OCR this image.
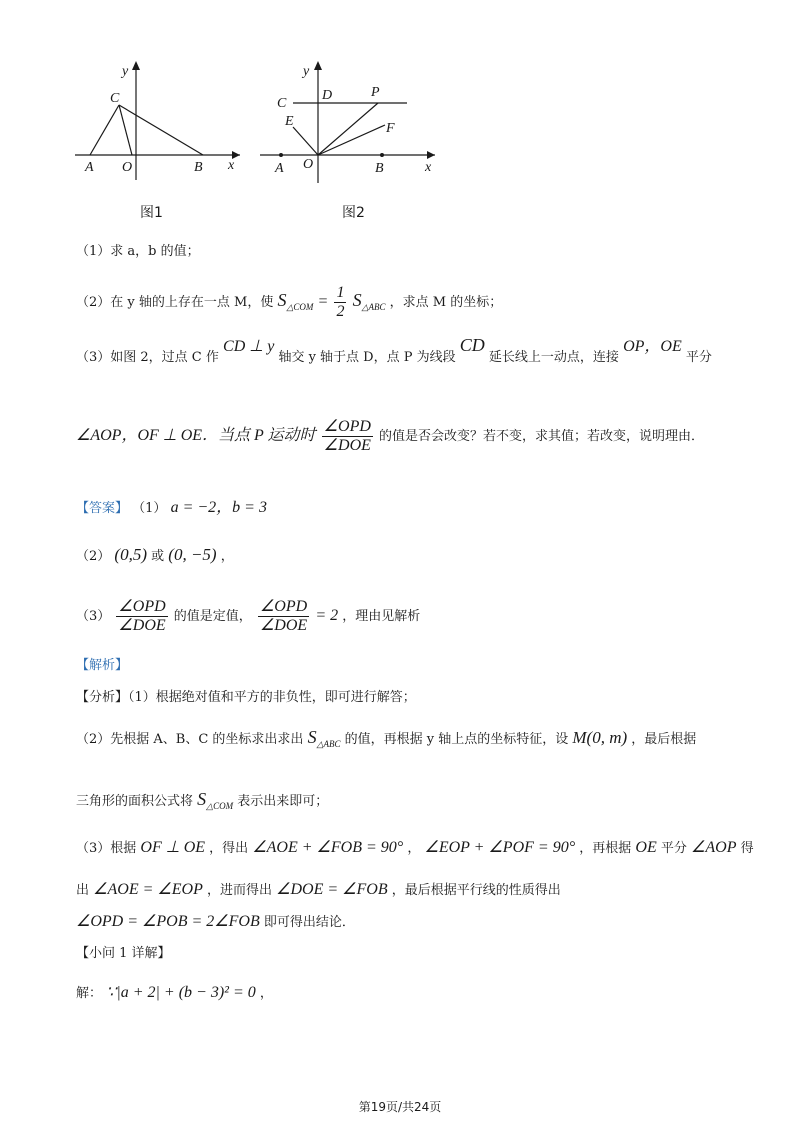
y
x
C
A O	B
图1
y
x
C
D	P
E	F
A O	B
图2
（1）求 a，b 的值；
（2）在 y 轴的上存在一点 M，使 $S_{\triangle COM} = \frac{1}{2} S_{\triangle ABC}$ ，求点 M 的坐标；
（3）如图 2，过点 C 作 CD ⊥ y 轴交 y 轴于点 D，点 P 为线段 CD 延长线上一动点，连接 OP，OE 平分
∠AOP，OF ⊥ OE．当点 P 运动时 $\frac{\text{∠OPD}}{\text{∠DOE}}$ 的值是否会改变？若不变，求其值；若改变，说明理由．
【答案】 （1） a = −2，b = 3
（2） (0,5) 或 (0, −5) ，
$(3) \frac{\text{∠OPD}}{\text{∠DOE}}$ 的值是定值， $\frac{\text{∠OPD}}{\text{∠DOE}} = 2$ ，理由见解析
【解析】
【分析】（1）根据绝对值和平方的非负性，即可进行解答；
（2）先根据 A、B、C 的坐标求出求出 $S_{\triangle ABC}$ 的值，再根据 y 轴上点的坐标特征，设 M(0, m) ，最后根据
三角形的面积公式将 $S_{\triangle COM}$ 表示出来即可；
（3）根据 OF ⊥ OE ，得出 ∠AOE + ∠FOB = 90° ， ∠EOP + ∠POF = 90° ，再根据 OE 平分 ∠AOP 得
出 ∠AOE = ∠EOP ，进而得出 ∠DOE = ∠FOB ，最后根据平行线的性质得出
∠OPD = ∠POB = 2∠FOB 即可得出结论．
【小问 1 详解】
解： ∵|a + 2| + (b − 3)² = 0 ，
第19页/共24页
